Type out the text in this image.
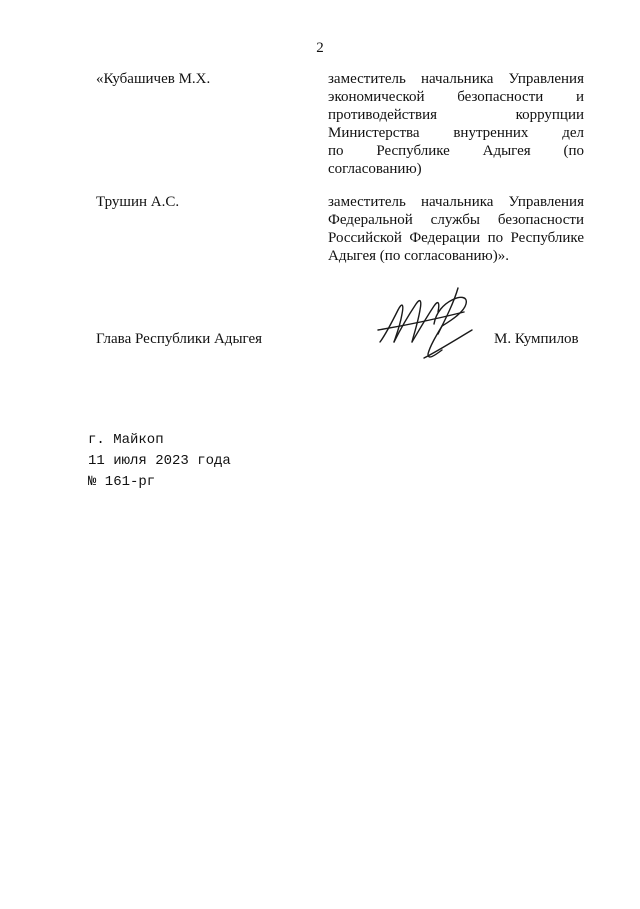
2
«Кубашичев М.Х.	заместитель начальника Управления
экономической безопасности и
противодействия	коррупции
Министерства внутренних дел
по Республике Адыгея (по
согласованию)
Трушин А.С.	заместитель начальника Управления
Федеральной службы безопасности
Российской Федерации по Республике
Адыгея (по согласованию)».
Глава Республики Адыгея	М. Кумпилов
г. Майкоп
11 июля 2023 года
№ 161-рг
